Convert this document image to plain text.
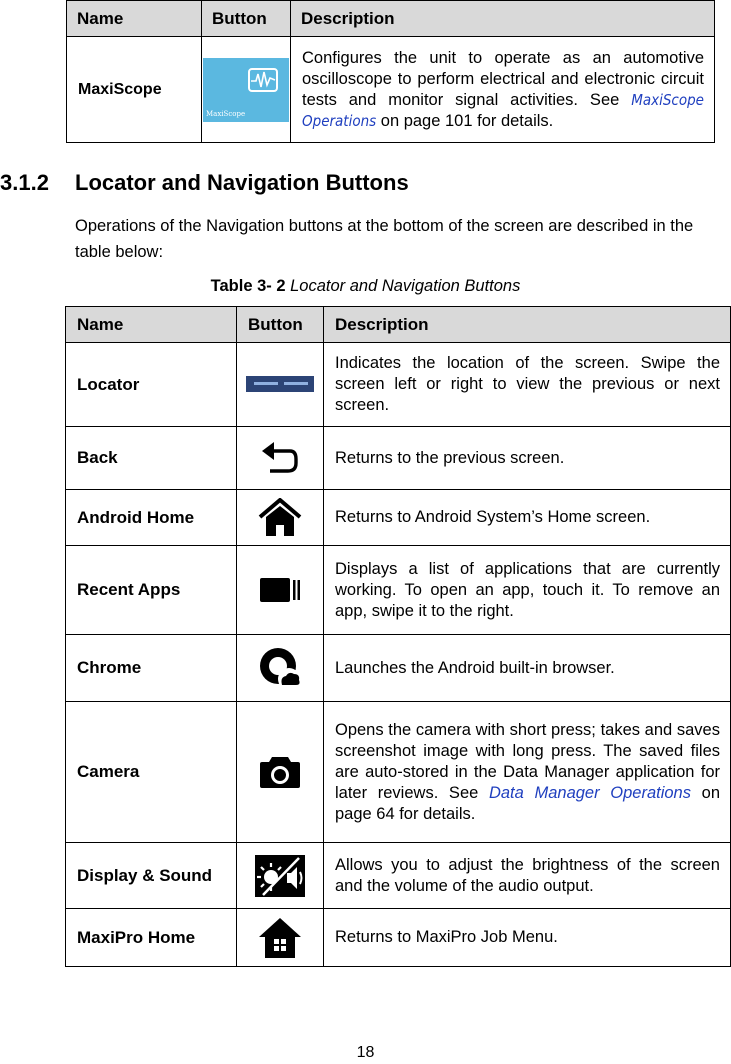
Name	Button	Description
MaxiScope	MaxiScope	Configures the unit to operate as an automotive oscilloscope to perform electrical and electronic circuit tests and monitor signal activities. See MaxiScope Operations on page 101 for details.
3.1.2 Locator and Navigation Buttons
Operations of the Navigation buttons at the bottom of the screen are described in the table below:
Table 3- 2 Locator and Navigation Buttons
Name	Button	Description
Locator		Indicates the location of the screen. Swipe the screen left or right to view the previous or next screen.
Back		Returns to the previous screen.
Android Home		Returns to Android System’s Home screen.
Recent Apps		Displays a list of applications that are currently working. To open an app, touch it. To remove an app, swipe it to the right.
Chrome		Launches the Android built-in browser.
Camera		Opens the camera with short press; takes and saves screenshot image with long press. The saved files are auto-stored in the Data Manager application for later reviews. See Data Manager Operations on page 64 for details.
Display & Sound		Allows you to adjust the brightness of the screen and the volume of the audio output.
MaxiPro Home		Returns to MaxiPro Job Menu.
18
